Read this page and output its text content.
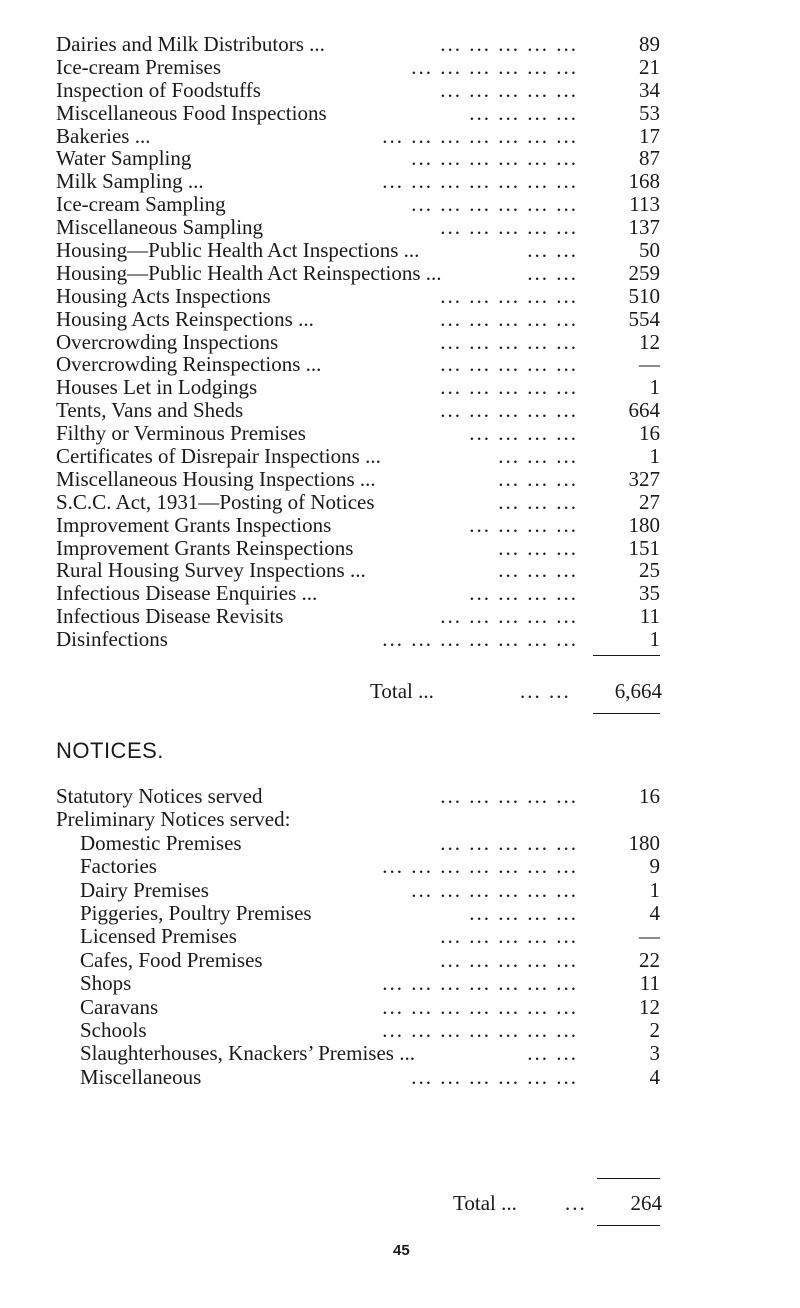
Dairies and Milk Distributors ...	... ... ... ... ...	89
Ice-cream Premises	... ... ... ... ... ...	21
Inspection of Foodstuffs	... ... ... ... ...	34
Miscellaneous Food Inspections	... ... ... ...	53
Bakeries ...	... ... ... ... ... ... ...	17
Water Sampling	... ... ... ... ... ...	87
Milk Sampling ...	... ... ... ... ... ... ...	168
Ice-cream Sampling	... ... ... ... ... ...	113
Miscellaneous Sampling	... ... ... ... ...	137
Housing—Public Health Act Inspections ...	... ...	50
Housing—Public Health Act Reinspections ...	... ...	259
Housing Acts Inspections	... ... ... ... ...	510
Housing Acts Reinspections ...	... ... ... ... ...	554
Overcrowding Inspections	... ... ... ... ...	12
Overcrowding Reinspections ...	... ... ... ... ...	—
Houses Let in Lodgings	... ... ... ... ...	1
Tents, Vans and Sheds	... ... ... ... ...	664
Filthy or Verminous Premises	... ... ... ...	16
Certificates of Disrepair Inspections ...	... ... ...	1
Miscellaneous Housing Inspections ...	... ... ...	327
S.C.C. Act, 1931—Posting of Notices	... ... ...	27
Improvement Grants Inspections	... ... ... ...	180
Improvement Grants Reinspections	... ... ...	151
Rural Housing Survey Inspections ...	... ... ...	25
Infectious Disease Enquiries ...	... ... ... ...	35
Infectious Disease Revisits	... ... ... ... ...	11
Disinfections	... ... ... ... ... ... ...	1
Total ...	... ... 6,664
NOTICES.
Statutory Notices served	... ... ... ... ...	16
Preliminary Notices served:
Domestic Premises	... ... ... ... ...	180
Factories	... ... ... ... ... ... ...	9
Dairy Premises	... ... ... ... ... ...	1
Piggeries, Poultry Premises	... ... ... ...	4
Licensed Premises	... ... ... ... ...	—
Cafes, Food Premises	... ... ... ... ...	22
Shops	... ... ... ... ... ... ...	11
Caravans	... ... ... ... ... ... ...	12
Schools	... ... ... ... ... ... ...	2
Slaughterhouses, Knackers’ Premises ...	... ...	3
Miscellaneous	... ... ... ... ... ...	4
Total ... ... 264
45
